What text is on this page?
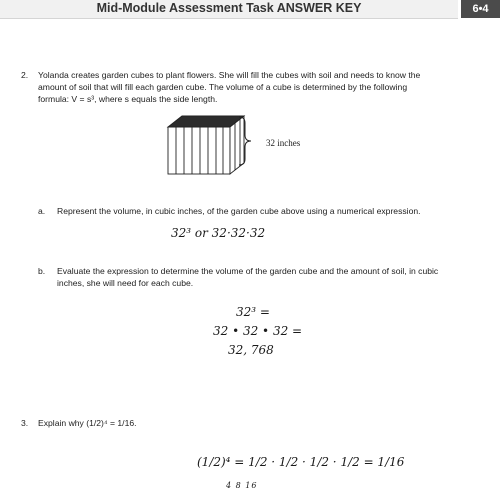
Mid-Module Assessment Task ANSWER KEY	6•4
2. Yolanda creates garden cubes to plant flowers. She will fill the cubes with soil and needs to know the
amount of soil that will fill each garden cube. The volume of a cube is determined by the following
formula: V = s³, where s equals the side length.
32 inches
a. Represent the volume, in cubic inches, of the garden cube above using a numerical expression.
32³ or 32·32·32
b. Evaluate the expression to determine the volume of the garden cube and the amount of soil, in cubic
inches, she will need for each cube.
32³ =
32 • 32 • 32 =
32, 768
3. Explain why (1/2)⁴ = 1/16.
(1/2)⁴ = 1/2 · 1/2 · 1/2 · 1/2 = 1/16
4 8 16
